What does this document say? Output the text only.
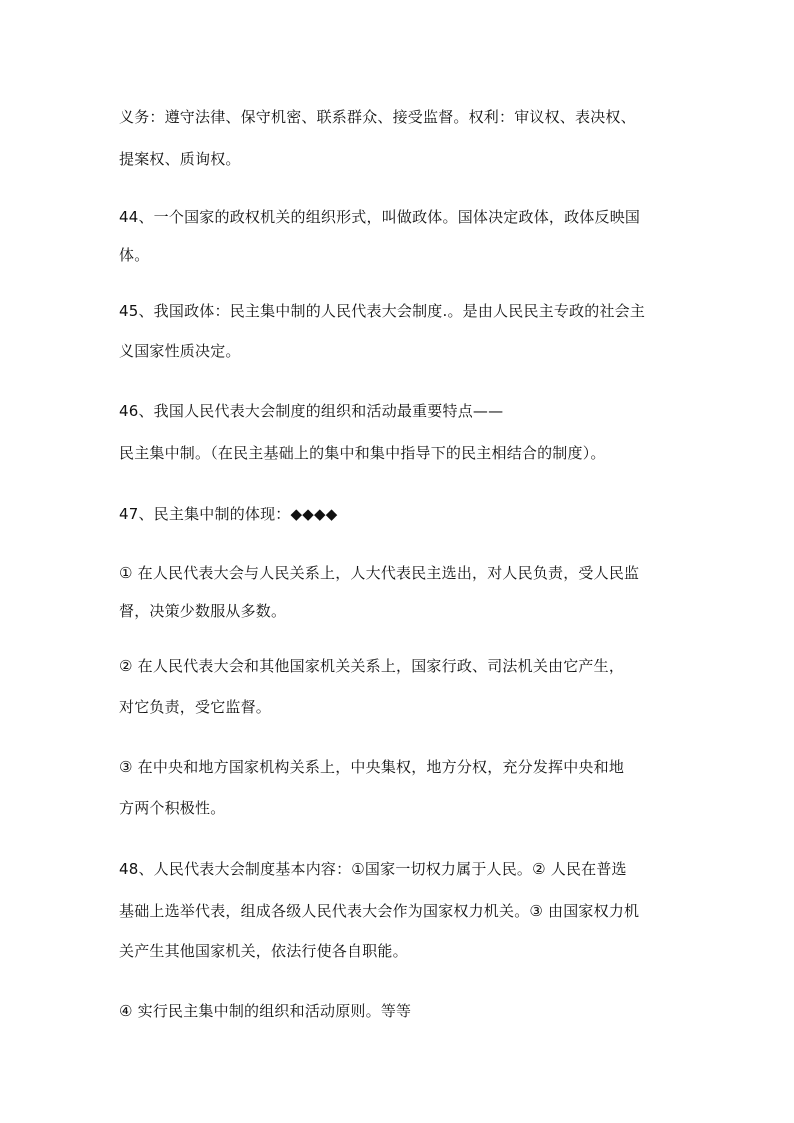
义务：遵守法律、保守机密、联系群众、接受监督。权利：审议权、表决权、
提案权、质询权。
44、一个国家的政权机关的组织形式，叫做政体。国体决定政体，政体反映国
体。
45、我国政体：民主集中制的人民代表大会制度.。是由人民民主专政的社会主
义国家性质决定。
46、我国人民代表大会制度的组织和活动最重要特点——
民主集中制。（在民主基础上的集中和集中指导下的民主相结合的制度）。
47、民主集中制的体现：◆◆◆◆
① 在人民代表大会与人民关系上，人大代表民主选出，对人民负责，受人民监
督，决策少数服从多数。
② 在人民代表大会和其他国家机关关系上，国家行政、司法机关由它产生，
对它负责，受它监督。
③ 在中央和地方国家机构关系上，中央集权，地方分权，充分发挥中央和地
方两个积极性。
48、人民代表大会制度基本内容：①国家一切权力属于人民。② 人民在普选
基础上选举代表，组成各级人民代表大会作为国家权力机关。③ 由国家权力机
关产生其他国家机关，依法行使各自职能。
④ 实行民主集中制的组织和活动原则。等等
